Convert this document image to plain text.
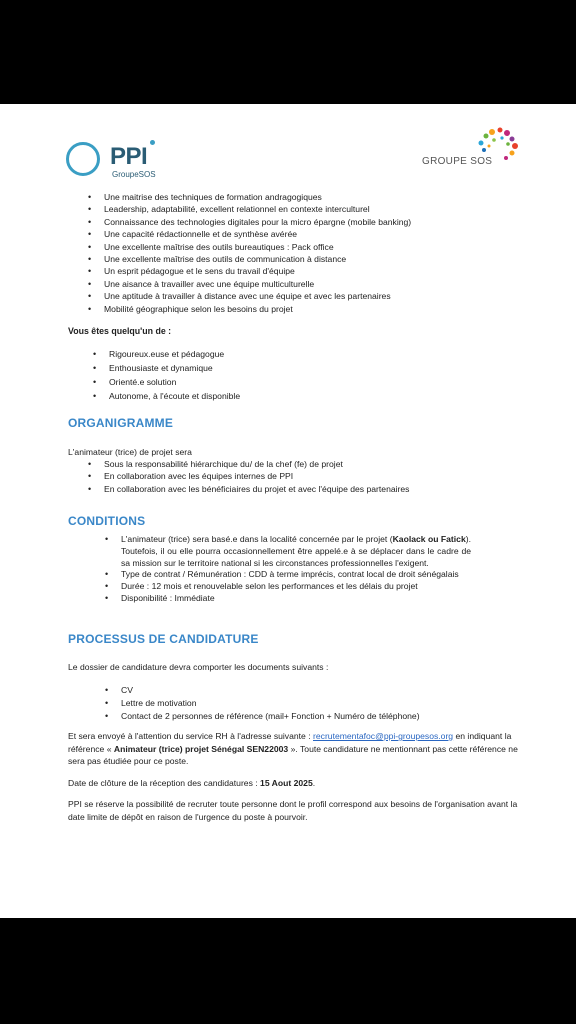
PPI
GroupeSOS
GROUPE SOS
• Une maitrise des techniques de formation andragogiques
• Leadership, adaptabilité, excellent relationnel en contexte interculturel
• Connaissance des technologies digitales pour la micro épargne (mobile banking)
• Une capacité rédactionnelle et de synthèse avérée
• Une excellente maîtrise des outils bureautiques : Pack office
• Une excellente maîtrise des outils de communication à distance
• Un esprit pédagogue et le sens du travail d'équipe
• Une aisance à travailler avec une équipe multiculturelle
• Une aptitude à travailler à distance avec une équipe et avec les partenaires
• Mobilité géographique selon les besoins du projet
Vous êtes quelqu'un de :
• Rigoureux.euse et pédagogue
• Enthousiaste et dynamique
• Orienté.e solution
• Autonome, à l'écoute et disponible
ORGANIGRAMME
L'animateur (trice) de projet sera
• Sous la responsabilité hiérarchique du/ de la chef (fe) de projet
• En collaboration avec les équipes internes de PPI
• En collaboration avec les bénéficiaires du projet et avec l'équipe des partenaires
CONDITIONS
• L'animateur (trice) sera basé.e dans la localité concernée par le projet (Kaolack ou Fatick). Toutefois, il ou elle pourra occasionnellement être appelé.e à se déplacer dans le cadre de sa mission sur le territoire national si les circonstances professionnelles l'exigent.
• Type de contrat / Rémunération : CDD à terme imprécis, contrat local de droit sénégalais
• Durée : 12 mois et renouvelable selon les performances et les délais du projet
• Disponibilité : Immédiate
PROCESSUS DE CANDIDATURE
Le dossier de candidature devra comporter les documents suivants :
• CV
• Lettre de motivation
• Contact de 2 personnes de référence (mail+ Fonction + Numéro de téléphone)
Et sera envoyé à l'attention du service RH à l'adresse suivante : recrutementafoc@ppi-groupesos.org en indiquant la référence « Animateur (trice) projet Sénégal SEN22003 ». Toute candidature ne mentionnant pas cette référence ne sera pas étudiée pour ce poste.
Date de clôture de la réception des candidatures : 15 Aout 2025.
PPI se réserve la possibilité de recruter toute personne dont le profil correspond aux besoins de l'organisation avant la date limite de dépôt en raison de l'urgence du poste à pourvoir.
